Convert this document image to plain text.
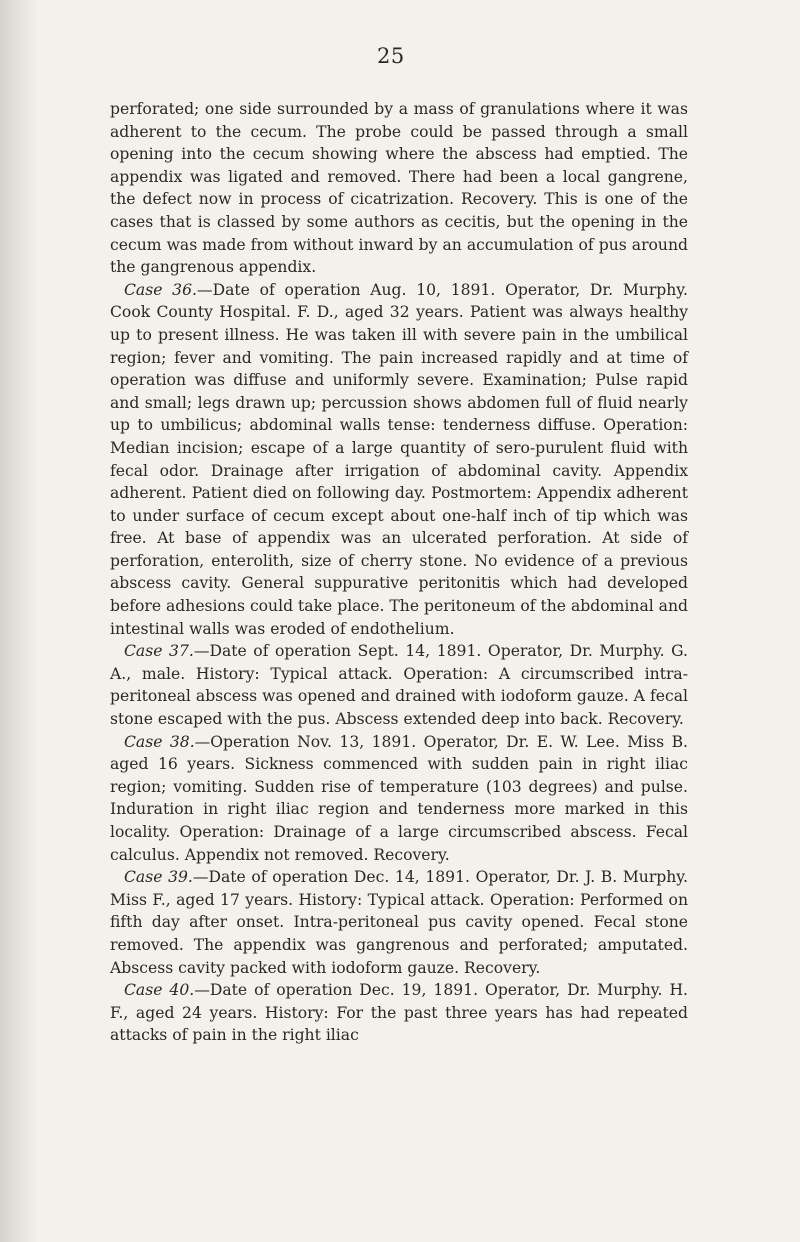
25

perforated; one side surrounded by a mass of granulations where it was adherent to the cecum. The probe could be passed through a small opening into the cecum showing where the abscess had emptied. The appendix was ligated and removed. There had been a local gangrene, the defect now in process of cicatrization. Recovery. This is one of the cases that is classed by some authors as cecitis, but the opening in the cecum was made from without inward by an accumulation of pus around the gangrenous appendix.

Case 36.—Date of operation Aug. 10, 1891. Operator, Dr. Murphy. Cook County Hospital. F. D., aged 32 years. Patient was always healthy up to present illness. He was taken ill with severe pain in the umbilical region; fever and vomiting. The pain increased rapidly and at time of operation was diffuse and uniformly severe. Examination; Pulse rapid and small; legs drawn up; percussion shows abdomen full of fluid nearly up to umbilicus; abdominal walls tense: tenderness diffuse. Operation: Median incision; escape of a large quantity of sero-purulent fluid with fecal odor. Drainage after irrigation of abdominal cavity. Appendix adherent. Patient died on following day. Postmortem: Appendix adherent to under surface of cecum except about one-half inch of tip which was free. At base of appendix was an ulcerated perforation. At side of perforation, enterolith, size of cherry stone. No evidence of a previous abscess cavity. General suppurative peritonitis which had developed before adhesions could take place. The peritoneum of the abdominal and intestinal walls was eroded of endothelium.

Case 37.—Date of operation Sept. 14, 1891. Operator, Dr. Murphy. G. A., male. History: Typical attack. Operation: A circumscribed intra-peritoneal abscess was opened and drained with iodoform gauze. A fecal stone escaped with the pus. Abscess extended deep into back. Recovery.

Case 38.—Operation Nov. 13, 1891. Operator, Dr. E. W. Lee. Miss B. aged 16 years. Sickness commenced with sudden pain in right iliac region; vomiting. Sudden rise of temperature (103 degrees) and pulse. Induration in right iliac region and tenderness more marked in this locality. Operation: Drainage of a large circumscribed abscess. Fecal calculus. Appendix not removed. Recovery.

Case 39.—Date of operation Dec. 14, 1891. Operator, Dr. J. B. Murphy. Miss F., aged 17 years. History: Typical attack. Operation: Performed on fifth day after onset. Intra-peritoneal pus cavity opened. Fecal stone removed. The appendix was gangrenous and perforated; amputated. Abscess cavity packed with iodoform gauze. Recovery.

Case 40.—Date of operation Dec. 19, 1891. Operator, Dr. Murphy. H. F., aged 24 years. History: For the past three years has had repeated attacks of pain in the right iliac
